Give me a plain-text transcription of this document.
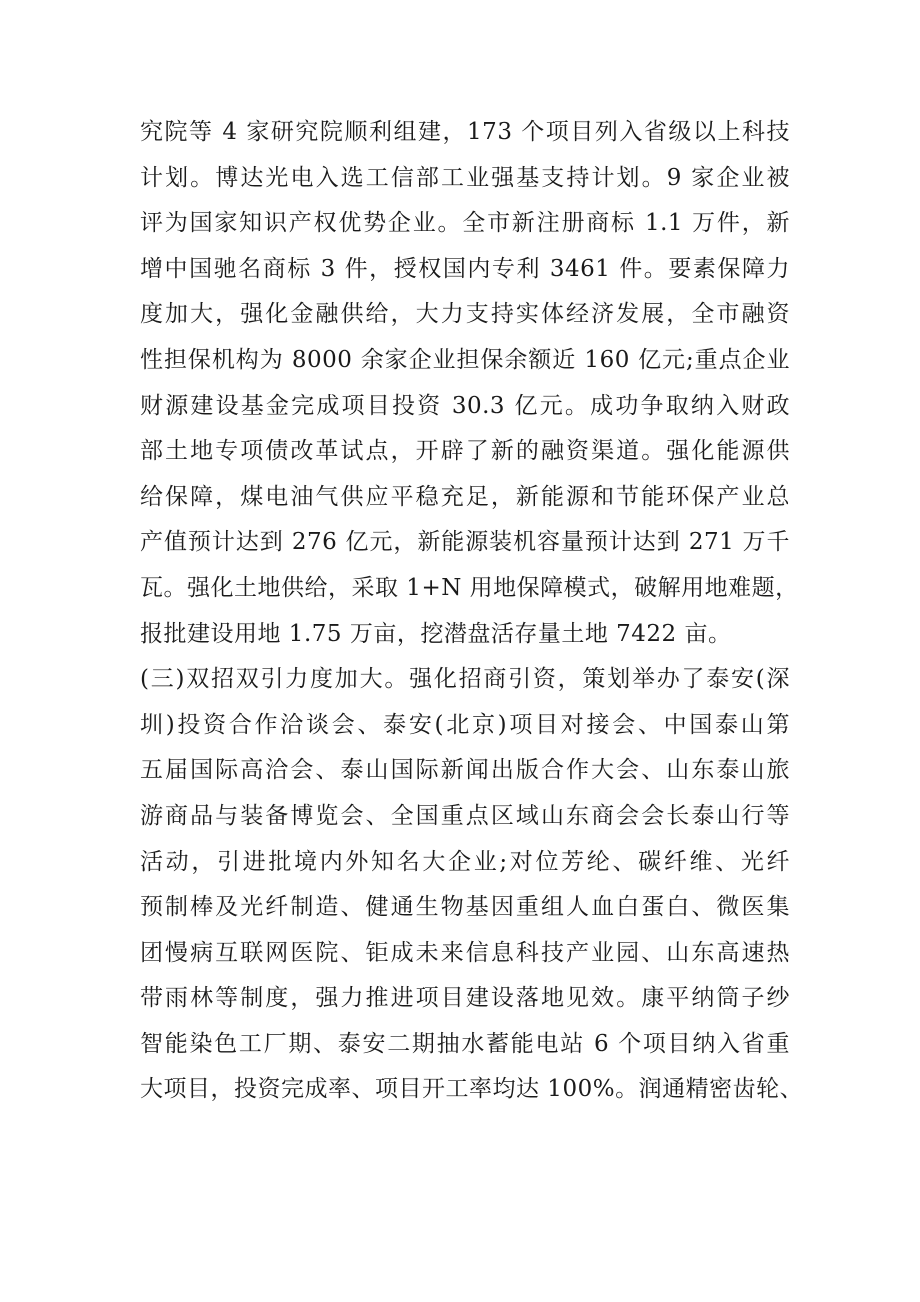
究院等 4 家研究院顺利组建，173 个项目列入省级以上科技
计划。博达光电入选工信部工业强基支持计划。9 家企业被
评为国家知识产权优势企业。全市新注册商标 1.1 万件，新
增中国驰名商标 3 件，授权国内专利 3461 件。要素保障力
度加大，强化金融供给，大力支持实体经济发展，全市融资
性担保机构为 8000 余家企业担保余额近 160 亿元;重点企业
财源建设基金完成项目投资 30.3 亿元。成功争取纳入财政
部土地专项债改革试点，开辟了新的融资渠道。强化能源供
给保障，煤电油气供应平稳充足，新能源和节能环保产业总
产值预计达到 276 亿元，新能源装机容量预计达到 271 万千
瓦。强化土地供给，采取 1+N 用地保障模式，破解用地难题，
报批建设用地 1.75 万亩，挖潜盘活存量土地 7422 亩。
(三)双招双引力度加大。强化招商引资，策划举办了泰安(深
圳)投资合作洽谈会、泰安(北京)项目对接会、中国泰山第
五届国际高洽会、泰山国际新闻出版合作大会、山东泰山旅
游商品与装备博览会、全国重点区域山东商会会长泰山行等
活动，引进批境内外知名大企业;对位芳纶、碳纤维、光纤
预制棒及光纤制造、健通生物基因重组人血白蛋白、微医集
团慢病互联网医院、钜成未来信息科技产业园、山东高速热
带雨林等制度，强力推进项目建设落地见效。康平纳筒子纱
智能染色工厂期、泰安二期抽水蓄能电站 6 个项目纳入省重
大项目，投资完成率、项目开工率均达 100%。润通精密齿轮、
